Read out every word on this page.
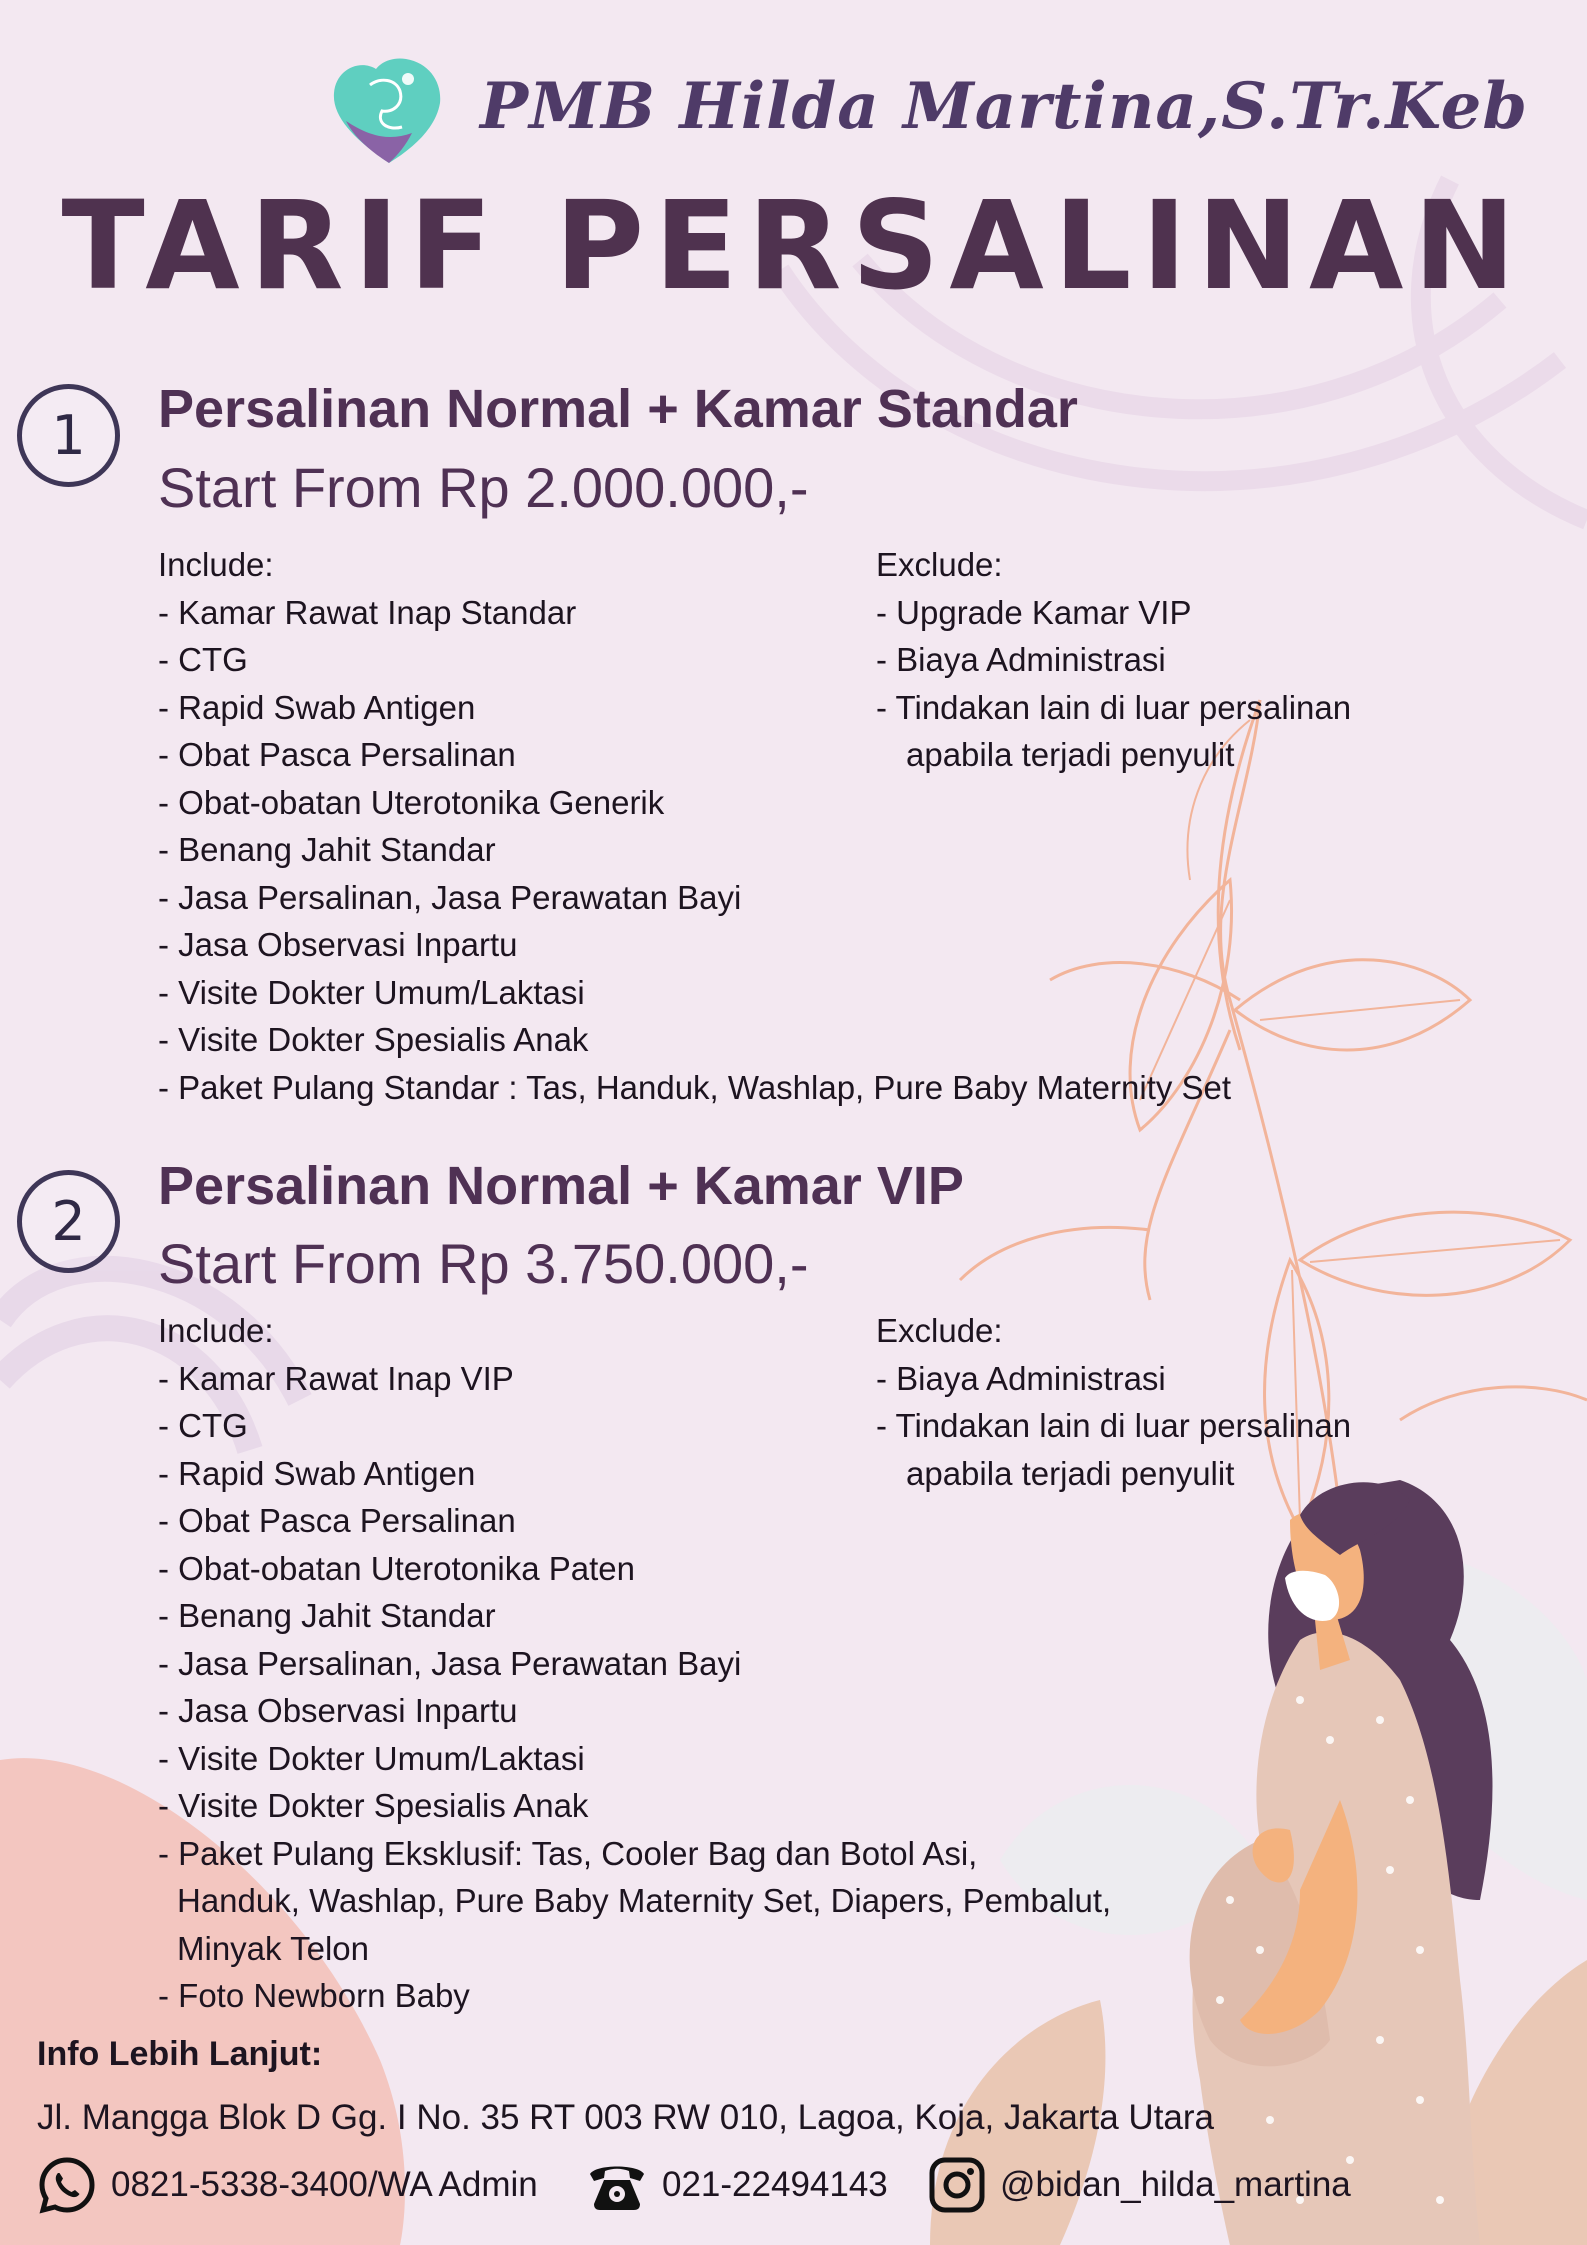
PMB Hilda Martina,S.Tr.Keb
TARIF PERSALINAN
1	Persalinan Normal + Kamar Standar
Start From Rp 2.000.000,-
Include:
- Kamar Rawat Inap Standar
- CTG
- Rapid Swab Antigen
- Obat Pasca Persalinan
- Obat-obatan Uterotonika Generik
- Benang Jahit Standar
- Jasa Persalinan, Jasa Perawatan Bayi
- Jasa Observasi Inpartu
- Visite Dokter Umum/Laktasi
- Visite Dokter Spesialis Anak
- Paket Pulang Standar : Tas, Handuk, Washlap, Pure Baby Maternity Set
Exclude:
- Upgrade Kamar VIP
- Biaya Administrasi
- Tindakan lain di luar persalinan
apabila terjadi penyulit
2
Persalinan Normal + Kamar VIP
Start From Rp 3.750.000,-
Include:
- Kamar Rawat Inap VIP
- CTG
- Rapid Swab Antigen
- Obat Pasca Persalinan
- Obat-obatan Uterotonika Paten
- Benang Jahit Standar
- Jasa Persalinan, Jasa Perawatan Bayi
- Jasa Observasi Inpartu
- Visite Dokter Umum/Laktasi
- Visite Dokter Spesialis Anak
- Paket Pulang Eksklusif: Tas, Cooler Bag dan Botol Asi,
Handuk, Washlap, Pure Baby Maternity Set, Diapers, Pembalut,
Minyak Telon
- Foto Newborn Baby
Exclude:
- Biaya Administrasi
- Tindakan lain di luar persalinan
apabila terjadi penyulit
Info Lebih Lanjut:
Jl. Mangga Blok D Gg. I No. 35 RT 003 RW 010, Lagoa, Koja, Jakarta Utara
0821-5338-3400/WA Admin	021-22494143	@bidan_hilda_martina
